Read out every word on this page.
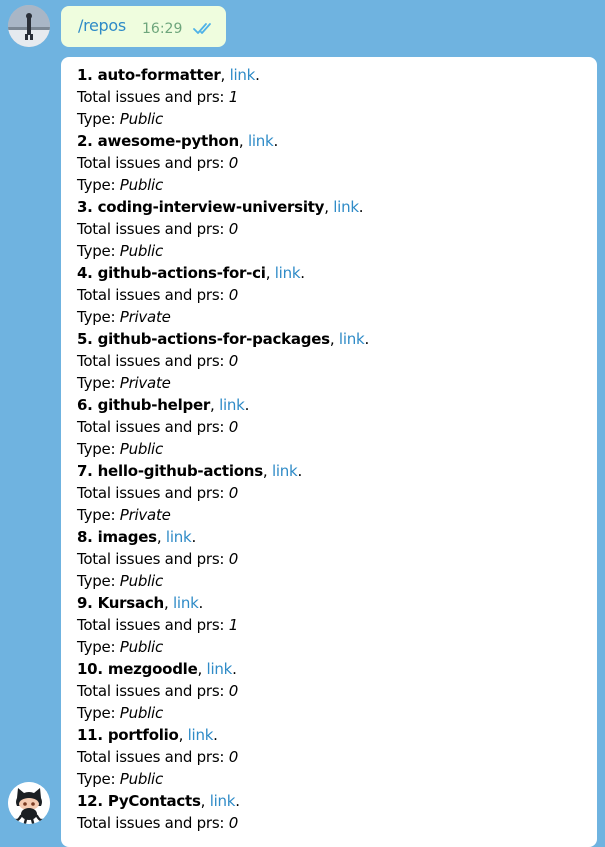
/repos 16:29
1. auto-formatter, link.
Total issues and prs: 1
Type: Public
2. awesome-python, link.
Total issues and prs: 0
Type: Public
3. coding-interview-university, link.
Total issues and prs: 0
Type: Public
4. github-actions-for-ci, link.
Total issues and prs: 0
Type: Private
5. github-actions-for-packages, link.
Total issues and prs: 0
Type: Private
6. github-helper, link.
Total issues and prs: 0
Type: Public
7. hello-github-actions, link.
Total issues and prs: 0
Type: Private
8. images, link.
Total issues and prs: 0
Type: Public
9. Kursach, link.
Total issues and prs: 1
Type: Public
10. mezgoodle, link.
Total issues and prs: 0
Type: Public
11. portfolio, link.
Total issues and prs: 0
Type: Public
12. PyContacts, link.
Total issues and prs: 0
